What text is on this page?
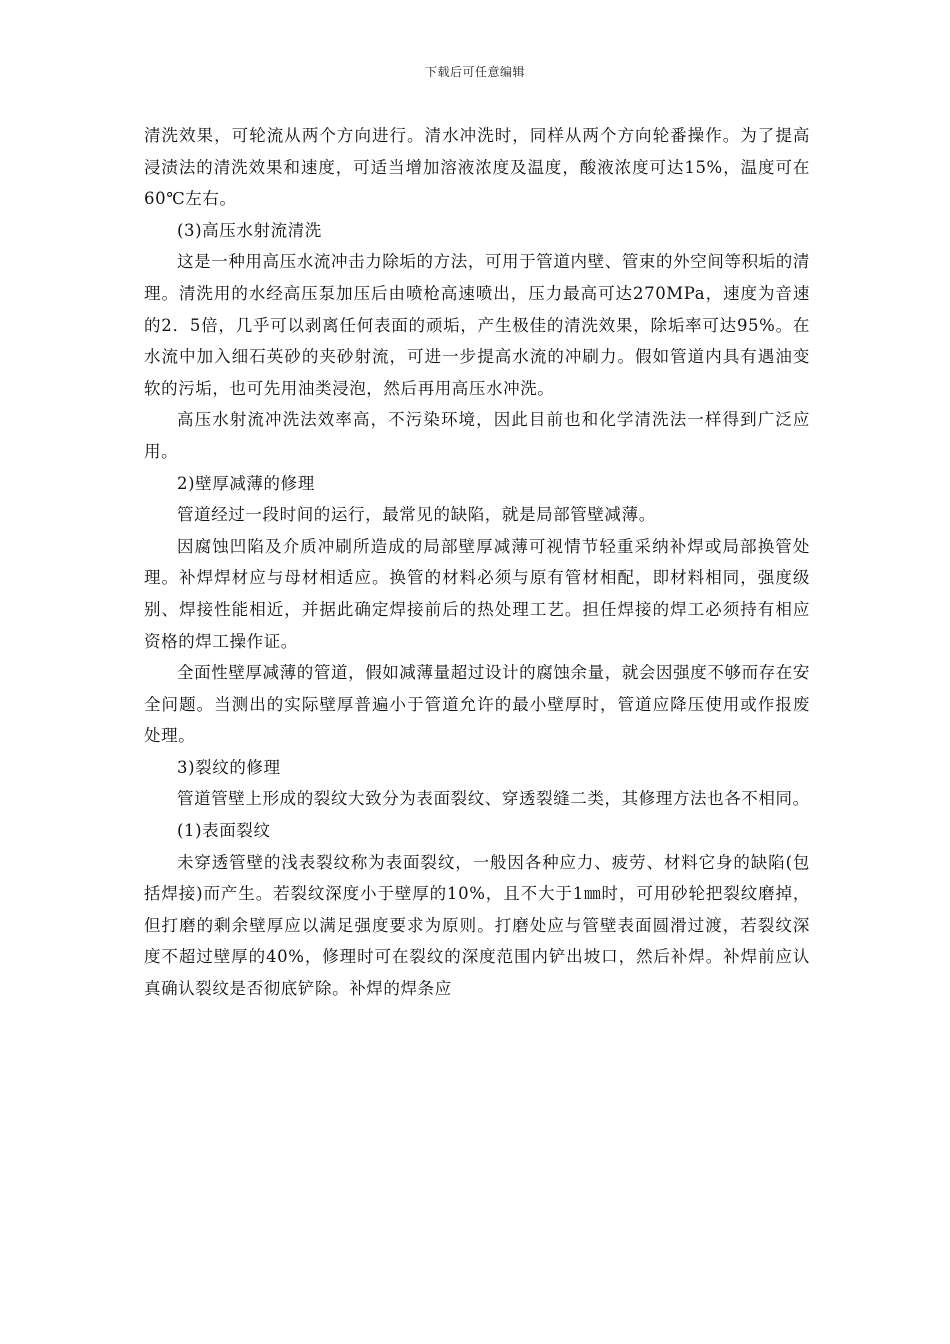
下载后可任意编辑

清洗效果，可轮流从两个方向进行。清水冲洗时，同样从两个方向轮番操作。为了提高浸渍法的清洗效果和速度，可适当增加溶液浓度及温度，酸液浓度可达15%，温度可在60℃左右。

(3)高压水射流清洗

这是一种用高压水流冲击力除垢的方法，可用于管道内壁、管束的外空间等积垢的清理。清洗用的水经高压泵加压后由喷枪高速喷出，压力最高可达270MPa，速度为音速的2．5倍，几乎可以剥离任何表面的顽垢，产生极佳的清洗效果，除垢率可达95%。在水流中加入细石英砂的夹砂射流，可进一步提高水流的冲刷力。假如管道内具有遇油变软的污垢，也可先用油类浸泡，然后再用高压水冲洗。

高压水射流冲洗法效率高，不污染环境，因此目前也和化学清洗法一样得到广泛应用。

2)壁厚减薄的修理

管道经过一段时间的运行，最常见的缺陷，就是局部管壁减薄。

因腐蚀凹陷及介质冲刷所造成的局部壁厚减薄可视情节轻重采纳补焊或局部换管处理。补焊焊材应与母材相适应。换管的材料必须与原有管材相配，即材料相同，强度级别、焊接性能相近，并据此确定焊接前后的热处理工艺。担任焊接的焊工必须持有相应资格的焊工操作证。

全面性壁厚减薄的管道，假如减薄量超过设计的腐蚀余量，就会因强度不够而存在安全问题。当测出的实际壁厚普遍小于管道允许的最小壁厚时，管道应降压使用或作报废处理。

3)裂纹的修理

管道管壁上形成的裂纹大致分为表面裂纹、穿透裂缝二类，其修理方法也各不相同。

(1)表面裂纹

未穿透管壁的浅表裂纹称为表面裂纹，一般因各种应力、疲劳、材料它身的缺陷(包括焊接)而产生。若裂纹深度小于壁厚的10%，且不大于1㎜时，可用砂轮把裂纹磨掉，但打磨的剩余壁厚应以满足强度要求为原则。打磨处应与管壁表面圆滑过渡，若裂纹深度不超过壁厚的40%，修理时可在裂纹的深度范围内铲出坡口，然后补焊。补焊前应认真确认裂纹是否彻底铲除。补焊的焊条应
